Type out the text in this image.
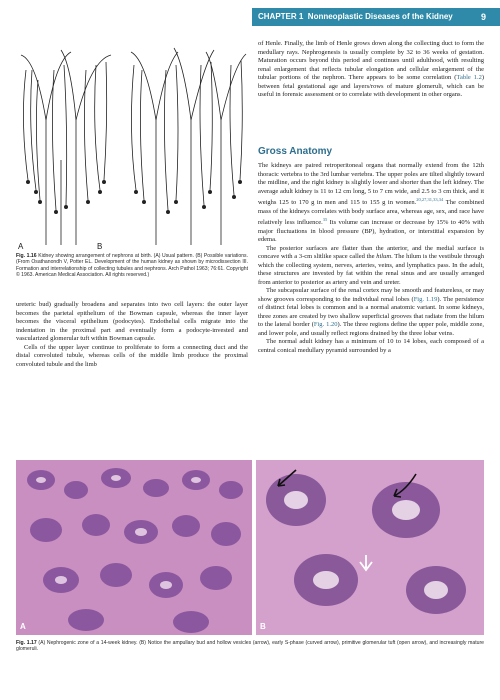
CHAPTER 1 Nonneoplastic Diseases of the Kidney	9
A	B
Fig. 1.16 Kidney showing arrangement of nephrons at birth. (A) Usual pattern. (B) Possible variations. (From Osathanondh V, Potter EL. Development of the human kidney as shown by microdissection III. Formation and interrelationship of collecting tubules and nephrons. Arch Pathol 1963; 76:61. Copyright © 1963. American Medical Association. All rights reserved.)

ureteric bud) gradually broadens and separates into two cell layers: the outer layer becomes the parietal epithelium of the Bowman capsule, whereas the inner layer becomes the visceral epithelium (podocytes). Endothelial cells migrate into the indentation in the proximal part and eventually form a podocyte-invested and vascularized glomerular tuft within Bowman capsule.

Cells of the upper layer continue to proliferate to form a connecting duct and the distal convoluted tubule, whereas cells of the middle limb produce the proximal convoluted tubule and the limb

of Henle. Finally, the limb of Henle grows down along the collecting duct to form the medullary rays. Nephrogenesis is usually complete by 32 to 36 weeks of gestation. Maturation occurs beyond this period and continues until adulthood, with resulting renal enlargement that reflects tubular elongation and cellular enlargement of the tubular portions of the nephron. There appears to be some correlation (Table 1.2) between fetal gestational age and layers/rows of mature glomeruli, which can be useful in forensic assessment or to correlate with development in other organs.

Gross Anatomy

The kidneys are paired retroperitoneal organs that normally extend from the 12th thoracic vertebra to the 3rd lumbar vertebra. The upper poles are tilted slightly toward the midline, and the right kidney is slightly lower and shorter than the left kidney. The average adult kidney is 11 to 12 cm long, 5 to 7 cm wide, and 2.5 to 3 cm thick, and it weighs 125 to 170 g in men and 115 to 155 g in women.$^{20,27,31,33,34}$ The combined mass of the kidneys correlates with body surface area, whereas age, sex, and race have relatively less influence.$^{35}$ Its volume can increase or decrease by 15% to 40% with major fluctuations in blood pressure (BP), hydration, or interstitial expansion by edema.

The posterior surfaces are flatter than the anterior, and the medial surface is concave with a 3-cm slitlike space called the hilum. The hilum is the vestibule through which the collecting system, nerves, arteries, veins, and lymphatics pass. In the adult, these structures are invested by fat within the renal sinus and are usually arranged from anterior to posterior as artery and vein and ureter.

The subcapsular surface of the renal cortex may be smooth and featureless, or may show grooves corresponding to the individual renal lobes (Fig. 1.19). The persistence of distinct fetal lobes is common and is a normal anatomic variant. In some kidneys, three zones are created by two shallow superficial grooves that radiate from the hilum to the lateral border (Fig. 1.20). The three regions define the upper pole, middle zone, and lower pole, and usually reflect regions drained by the three lobar veins.

The normal adult kidney has a minimum of 10 to 14 lobes, each composed of a central conical medullary pyramid surrounded by a

A	B
Fig. 1.17 (A) Nephrogenic zone of a 14-week kidney. (B) Notice the ampullary bud and hollow vesicles (arrow), early S-phase (curved arrow), primitive glomerular tuft (open arrow), and increasingly mature glomeruli.
